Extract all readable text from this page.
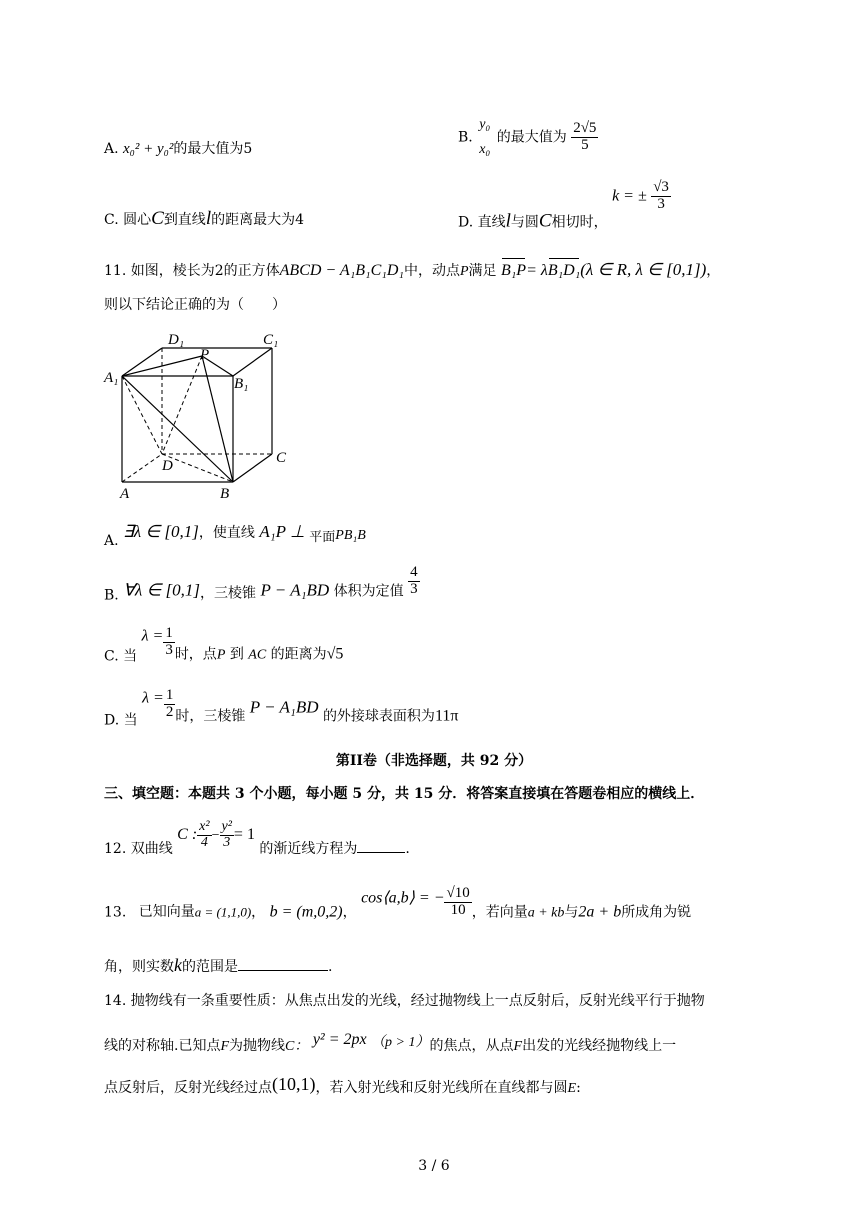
A. x₀² + y₀²的最大值为5
B.
y₀
x₀
的最大值为 $\frac{2√5}{5}$
C. 圆心C到直线l的距离最大为4	D. 直线l与圆C相切时， k = ± $\frac{√3}{3}$
11. 如图，棱长为2的正方体ABCD − A₁B₁C₁D₁中，动点P满足 B₁P= λB₁D₁(λ ∈ R, λ ∈ [0,1])，
则以下结论正确的为（　　）
D₁	C₁
P
A₁	B₁
D	C
A	B
A. ∃λ ∈ [0,1]，使直线 A₁P ⊥ 平面PB₁B
B. ∀λ ∈ [0,1]，三棱锥 P − A₁BD 体积为定值 $\frac{4}{3}$
C. 当 $\lambda = \frac{1}{3}$ 时，点P 到 AC 的距离为√5
D. 当 $\lambda = \frac{1}{2}$ 时，三棱锥 P − A₁BD 的外接球表面积为11π
第II卷（非选择题，共 92 分）
三、填空题：本题共 3 个小题，每小题 5 分，共 15 分．将答案直接填在答题卷相应的横线上．
12. 双曲线 C : $\frac{\text{x²}}{4} - \frac{\text{y²}}{3} = 1$ 的渐近线方程为	.
13. 已知向量a = (1,1,0)， b = (m,0,2)， cos⟨a,b⟩ = − $\frac{√10}{10}$ ，若向量a + kb与2a + b所成角为锐
角，则实数k的范围是	.
14. 抛物线有一条重要性质：从焦点出发的光线，经过抛物线上一点反射后，反射光线平行于抛物
线的对称轴.已知点F为抛物线C： y² = 2px （p > 1）的焦点，从点F出发的光线经抛物线上一
点反射后，反射光线经过点(10,1)，若入射光线和反射光线所在直线都与圆E:
3 / 6
